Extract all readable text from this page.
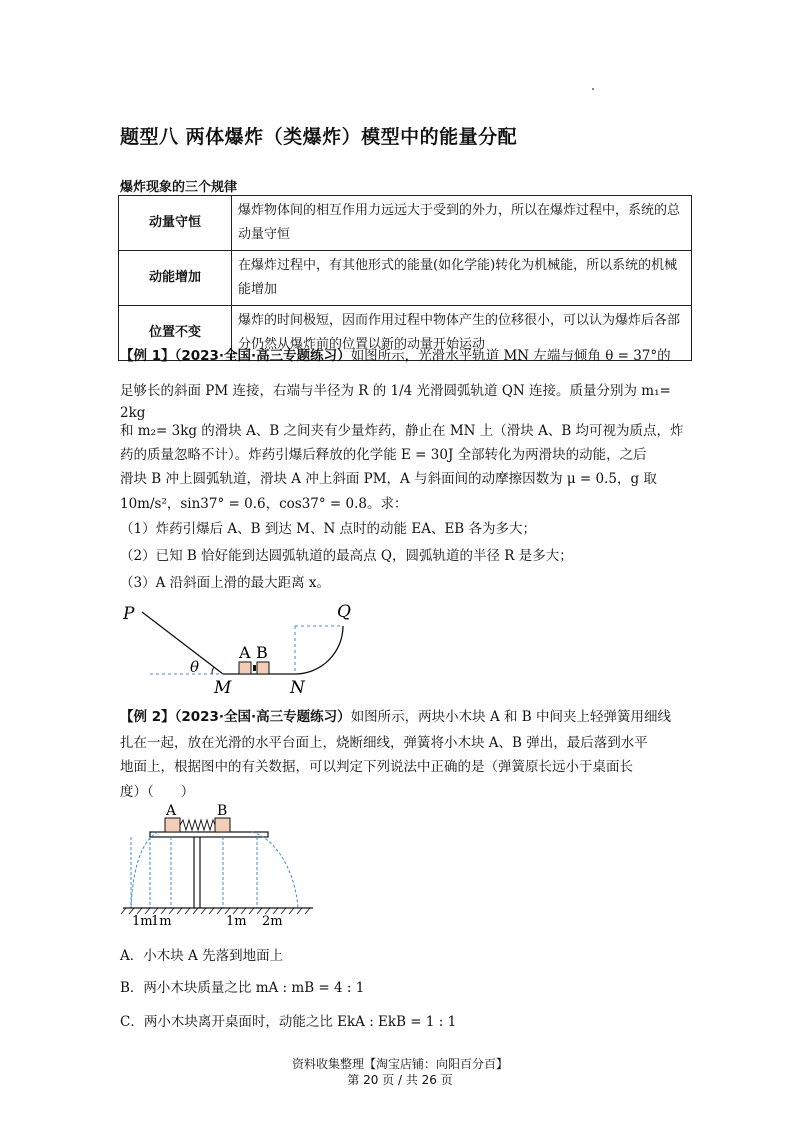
题型八 两体爆炸（类爆炸）模型中的能量分配
爆炸现象的三个规律
动量守恒	爆炸物体间的相互作用力远远大于受到的外力，所以在爆炸过程中，系统的总动量守恒
动能增加	在爆炸过程中，有其他形式的能量(如化学能)转化为机械能，所以系统的机械能增加
位置不变	爆炸的时间极短，因而作用过程中物体产生的位移很小，可以认为爆炸后各部分仍然从爆炸前的位置以新的动量开始运动
【例 1】（2023·全国·高三专题练习）如图所示，光滑水平轨道 MN 左端与倾角 θ = 37°的
足够长的斜面 PM 连接，右端与半径为 R 的 1/4 光滑圆弧轨道 QN 连接。质量分别为 m₁= 2kg
和 m₂= 3kg 的滑块 A、B 之间夹有少量炸药，静止在 MN 上（滑块 A、B 均可视为质点，炸
药的质量忽略不计）。炸药引爆后释放的化学能 E = 30J 全部转化为两滑块的动能，之后
滑块 B 冲上圆弧轨道，滑块 A 冲上斜面 PM，A 与斜面间的动摩擦因数为 μ = 0.5，g 取
10m/s²，sin37° = 0.6，cos37° = 0.8。求：
（1）炸药引爆后 A、B 到达 M、N 点时的动能 EA、EB 各为多大；
（2）已知 B 恰好能到达圆弧轨道的最高点 Q，圆弧轨道的半径 R 是多大；
（3）A 沿斜面上滑的最大距离 x。
P	Q
M	N
A B
θ
【例 2】（2023·全国·高三专题练习）如图所示，两块小木块 A 和 B 中间夹上轻弹簧用细线
扎在一起，放在光滑的水平台面上，烧断细线，弹簧将小木块 A、B 弹出，最后落到水平
地面上，根据图中的有关数据，可以判定下列说法中正确的是（弹簧原长远小于桌面长
度）（　　）
A	B
1m
1m	1m 2m
A．小木块 A 先落到地面上
B．两小木块质量之比 mA : mB = 4 : 1
C．两小木块离开桌面时，动能之比 EkA : EkB = 1 : 1
资料收集整理【淘宝店铺：向阳百分百】
第 20 页 / 共 26 页
